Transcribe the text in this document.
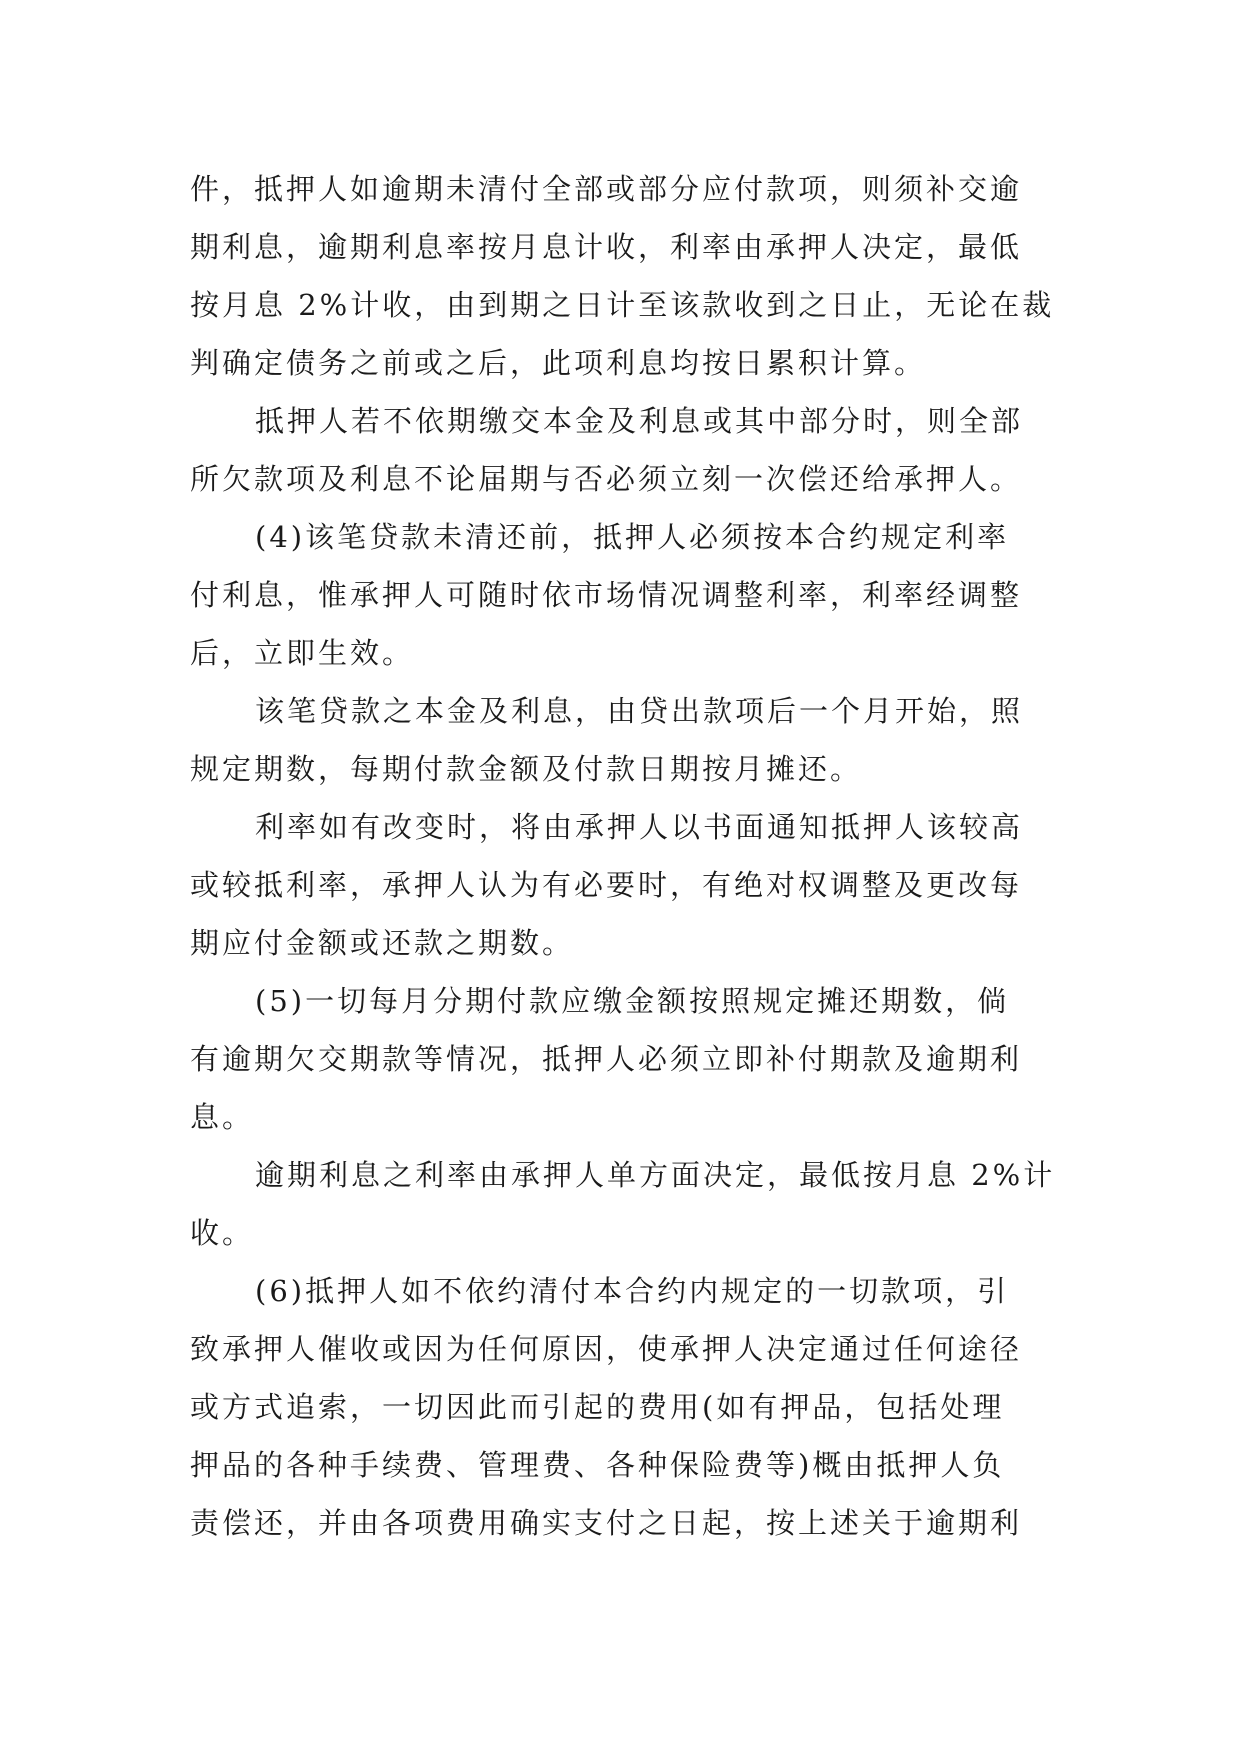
件，抵押人如逾期未清付全部或部分应付款项，则须补交逾
期利息，逾期利息率按月息计收，利率由承押人决定，最低
按月息 2%计收，由到期之日计至该款收到之日止，无论在裁
判确定债务之前或之后，此项利息均按日累积计算。
抵押人若不依期缴交本金及利息或其中部分时，则全部
所欠款项及利息不论届期与否必须立刻一次偿还给承押人。
(4)该笔贷款未清还前，抵押人必须按本合约规定利率
付利息，惟承押人可随时依市场情况调整利率，利率经调整
后，立即生效。
该笔贷款之本金及利息，由贷出款项后一个月开始，照
规定期数，每期付款金额及付款日期按月摊还。
利率如有改变时，将由承押人以书面通知抵押人该较高
或较抵利率，承押人认为有必要时，有绝对权调整及更改每
期应付金额或还款之期数。
(5)一切每月分期付款应缴金额按照规定摊还期数，倘
有逾期欠交期款等情况，抵押人必须立即补付期款及逾期利
息。
逾期利息之利率由承押人单方面决定，最低按月息 2%计
收。
(6)抵押人如不依约清付本合约内规定的一切款项，引
致承押人催收或因为任何原因，使承押人决定通过任何途径
或方式追索，一切因此而引起的费用(如有押品，包括处理
押品的各种手续费、管理费、各种保险费等)概由抵押人负
责偿还，并由各项费用确实支付之日起，按上述关于逾期利
